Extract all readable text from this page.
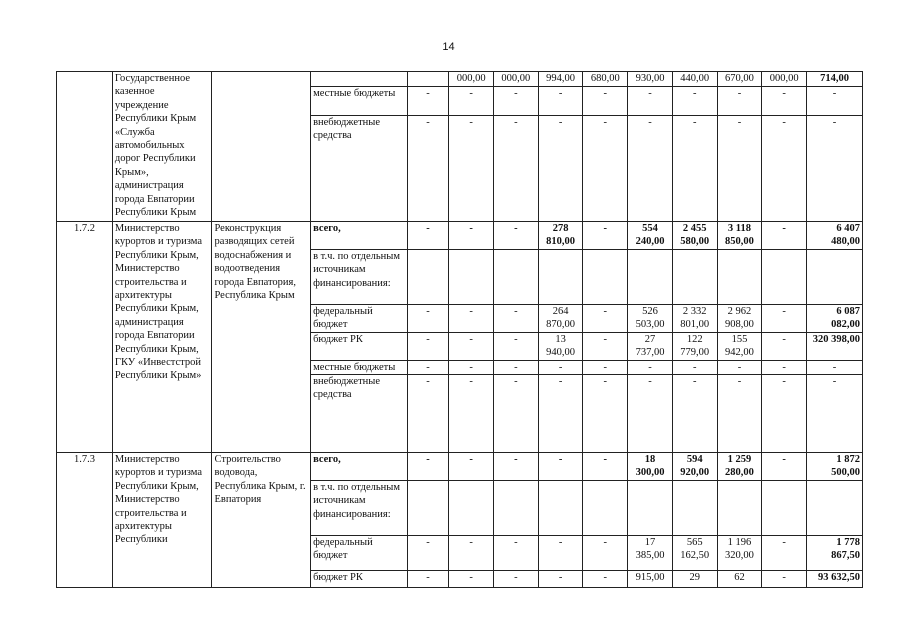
14
	Государственное казенное учреждение Республики Крым «Служба автомобильных дорог Республики Крым», администрация города Евпатории Республики Крым				000,00	000,00	994,00	680,00	930,00	440,00	670,00	000,00	714,00
			местные бюджеты	-	-	-	-	-	-	-	-	-	-
			внебюджетные средства	-	-	-	-	-	-	-	-	-	-
1.7.2	Министерство курортов и туризма Республики Крым, Министерство строительства и архитектуры Республики Крым, администрация города Евпатории Республики Крым, ГКУ «Инвестстрой Республики Крым»	Реконструкция разводящих сетей водоснабжения и водоотведения города Евпатория, Республика Крым	всего,	-	-	-	278 810,00	-	554 240,00	2 455 580,00	3 118 850,00	-	6 407 480,00
			в т.ч. по отдельным источникам финансирования:										
			федеральный бюджет	-	-	-	264 870,00	-	526 503,00	2 332 801,00	2 962 908,00	-	6 087 082,00
			бюджет РК	-	-	-	13 940,00	-	27 737,00	122 779,00	155 942,00	-	320 398,00
			местные бюджеты	-	-	-	-	-	-	-	-	-	-
			внебюджетные средства	-	-	-	-	-	-	-	-	-	-
1.7.3	Министерство курортов и туризма Республики Крым, Министерство строительства и архитектуры Республики	Строительство водовода, Республика Крым, г. Евпатория	всего,	-	-	-	-	-	18 300,00	594 920,00	1 259 280,00	-	1 872 500,00
			в т.ч. по отдельным источникам финансирования:										
			федеральный бюджет	-	-	-	-	-	17 385,00	565 162,50	1 196 320,00	-	1 778 867,50
			бюджет РК	-	-	-	-	-	915,00	29	62	-	93 632,50
